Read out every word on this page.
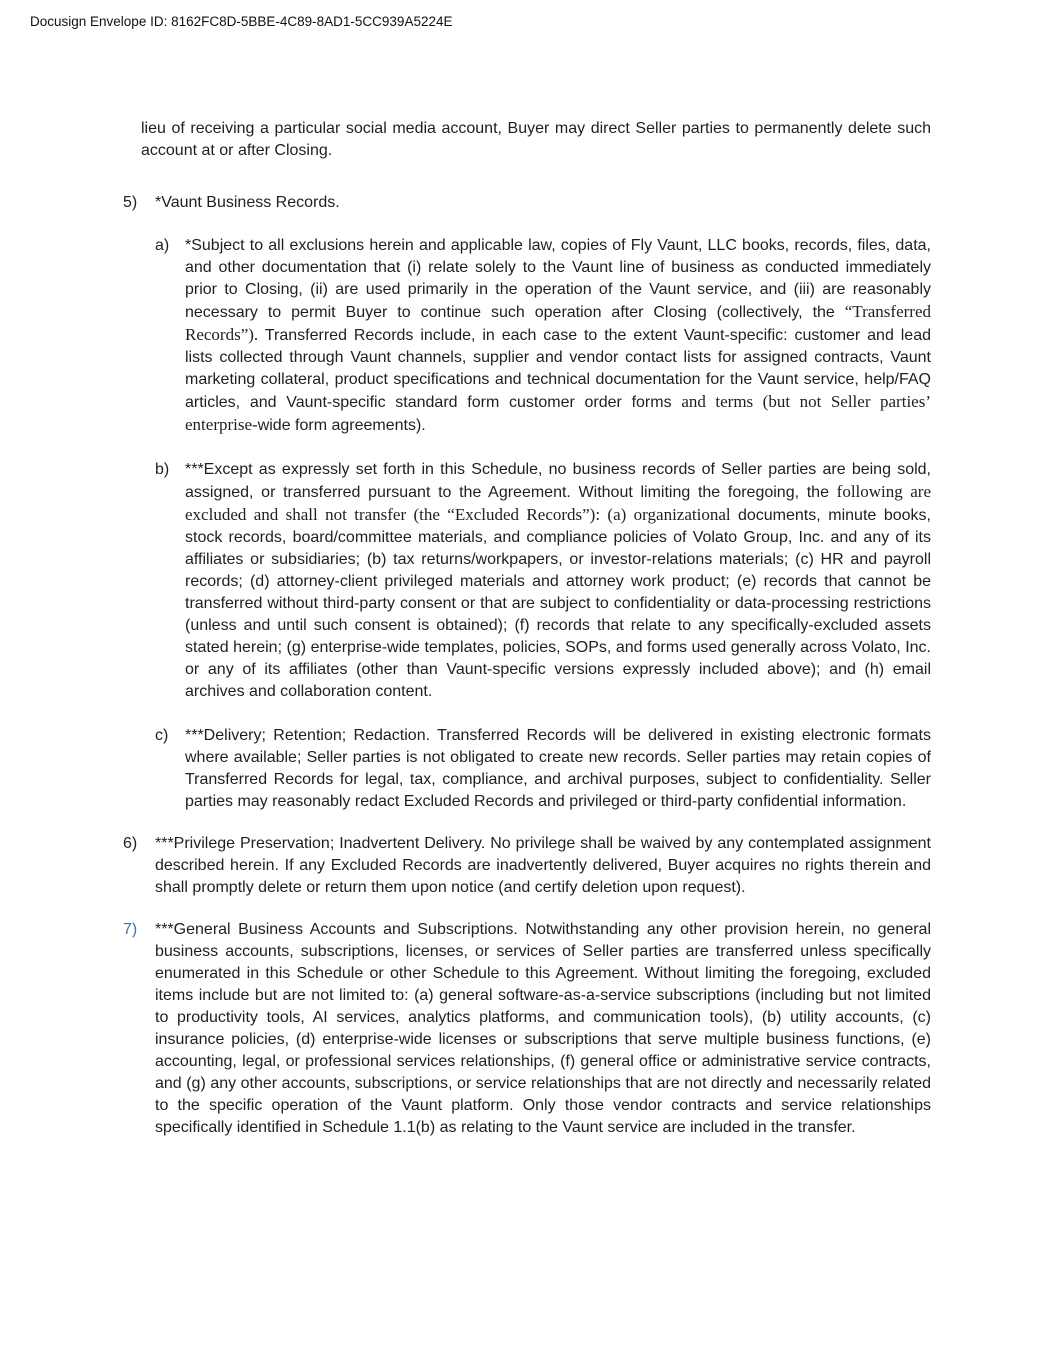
Docusign Envelope ID: 8162FC8D-5BBE-4C89-8AD1-5CC939A5224E

lieu of receiving a particular social media account, Buyer may direct Seller parties to permanently delete such account at or after Closing.

5)	*Vaunt Business Records.

a) *Subject to all exclusions herein and applicable law, copies of Fly Vaunt, LLC books, records, files, data, and other documentation that (i) relate solely to the Vaunt line of business as conducted immediately prior to Closing, (ii) are used primarily in the operation of the Vaunt service, and (iii) are reasonably necessary to permit Buyer to continue such operation after Closing (collectively, the “Transferred Records”). Transferred Records include, in each case to the extent Vaunt-specific: customer and lead lists collected through Vaunt channels, supplier and vendor contact lists for assigned contracts, Vaunt marketing collateral, product specifications and technical documentation for the Vaunt service, help/FAQ articles, and Vaunt-specific standard form customer order forms and terms (but not Seller parties’ enterprise-wide form agreements).

b) ***Except as expressly set forth in this Schedule, no business records of Seller parties are being sold, assigned, or transferred pursuant to the Agreement. Without limiting the foregoing, the following are excluded and shall not transfer (the “Excluded Records”): (a) organizational documents, minute books, stock records, board/committee materials, and compliance policies of Volato Group, Inc. and any of its affiliates or subsidiaries; (b) tax returns/workpapers, or investor-relations materials; (c) HR and payroll records; (d) attorney-client privileged materials and attorney work product; (e) records that cannot be transferred without third-party consent or that are subject to confidentiality or data-processing restrictions (unless and until such consent is obtained); (f) records that relate to any specifically-excluded assets stated herein; (g) enterprise-wide templates, policies, SOPs, and forms used generally across Volato, Inc. or any of its affiliates (other than Vaunt-specific versions expressly included above); and (h) email archives and collaboration content.

c)	***Delivery; Retention; Redaction. Transferred Records will be delivered in existing electronic formats where available; Seller parties is not obligated to create new records. Seller parties may retain copies of Transferred Records for legal, tax, compliance, and archival purposes, subject to confidentiality. Seller parties may reasonably redact Excluded Records and privileged or third-party confidential information.

6)	***Privilege Preservation; Inadvertent Delivery. No privilege shall be waived by any contemplated assignment described herein. If any Excluded Records are inadvertently delivered, Buyer acquires no rights therein and shall promptly delete or return them upon notice (and certify deletion upon request).

7)	***General Business Accounts and Subscriptions. Notwithstanding any other provision herein, no general business accounts, subscriptions, licenses, or services of Seller parties are transferred unless specifically enumerated in this Schedule or other Schedule to this Agreement. Without limiting the foregoing, excluded items include but are not limited to: (a) general software-as-a-service subscriptions (including but not limited to productivity tools, AI services, analytics platforms, and communication tools), (b) utility accounts, (c) insurance policies, (d) enterprise-wide licenses or subscriptions that serve multiple business functions, (e) accounting, legal, or professional services relationships, (f) general office or administrative service contracts, and (g) any other accounts, subscriptions, or service relationships that are not directly and necessarily related to the specific operation of the Vaunt platform. Only those vendor contracts and service relationships specifically identified in Schedule 1.1(b) as relating to the Vaunt service are included in the transfer.
